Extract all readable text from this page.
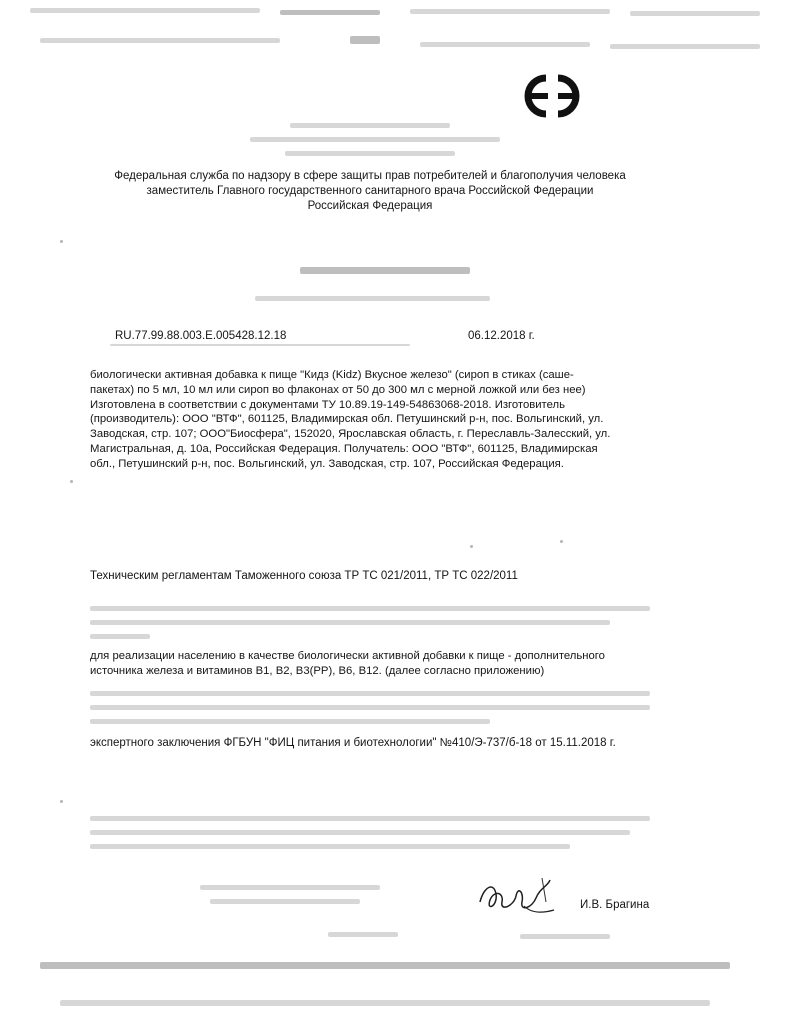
Федеральная служба по надзору в сфере защиты прав потребителей и благополучия человека
заместитель Главного государственного санитарного врача Российской Федерации
Российская Федерация
RU.77.99.88.003.Е.005428.12.18	06.12.2018 г.
биологически активная добавка к пище "Кидз (Kidz) Вкусное железо" (сироп в стиках (саше-
пакетах) по 5 мл, 10 мл или сироп во флаконах от 50 до 300 мл с мерной ложкой или без нее)
Изготовлена в соответствии с документами ТУ 10.89.19-149-54863068-2018. Изготовитель
(производитель): ООО "ВТФ", 601125, Владимирская обл. Петушинский р-н, пос. Вольгинский, ул.
Заводская, стр. 107; ООО"Биосфера", 152020, Ярославская область, г. Переславль-Залесский, ул.
Магистральная, д. 10а, Российская Федерация. Получатель: ООО "ВТФ", 601125, Владимирская
обл., Петушинский р-н, пос. Вольгинский, ул. Заводская, стр. 107, Российская Федерация.
Техническим регламентам Таможенного союза ТР ТС 021/2011, ТР ТС 022/2011
для реализации населению в качестве биологически активной добавки к пище - дополнительного
источника железа и витаминов В1, В2, В3(РР), В6, В12. (далее согласно приложению)
экспертного заключения ФГБУН "ФИЦ питания и биотехнологии" №410/Э-737/б-18 от 15.11.2018 г.
И.В. Брагина
